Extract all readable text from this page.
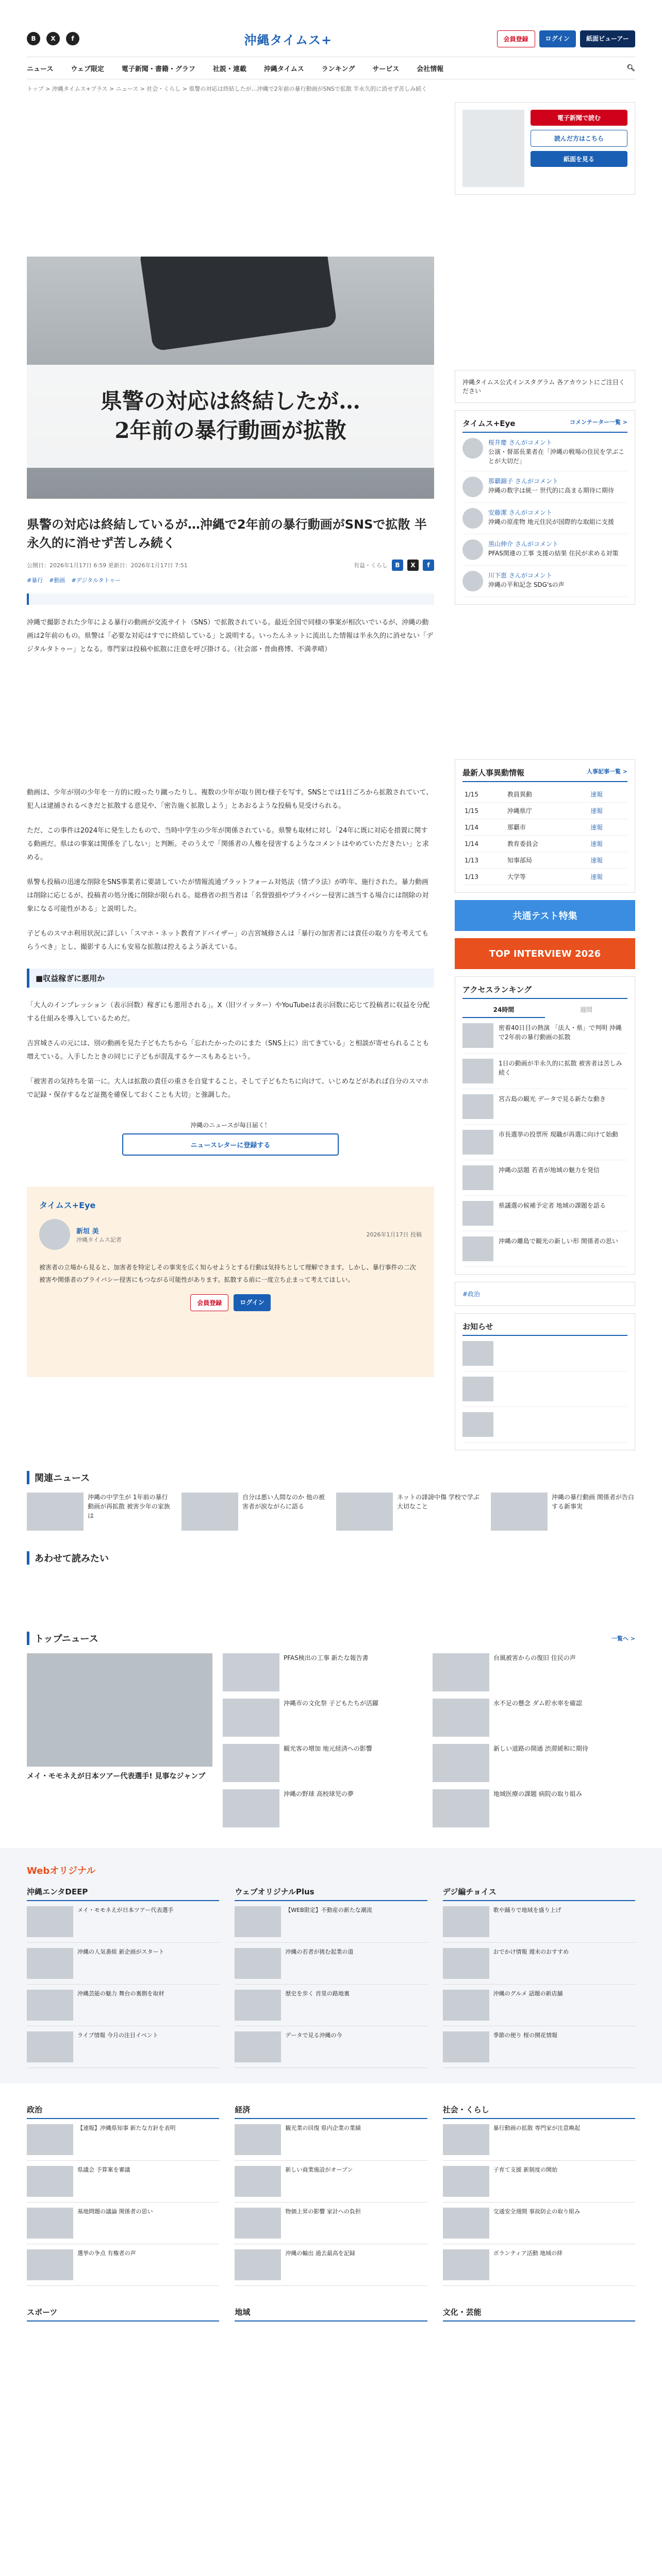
B	X	f	沖縄タイムス+	会員登録	ログイン	紙面ビューアー
ニュース	ウェブ限定	電子新聞・書籍・グラフ	社説・連載	沖縄タイムス	ランキング	サービス	会社情報	🔍︎
トップ > 沖縄タイムス+プラス > ニュース > 社会・くらし > 県警の対応は終結したが…沖縄で2年前の暴行動画がSNSで拡散 半永久的に消せず苦しみ続く
県警の対応は終結したが…
2年前の暴行動画が拡散
県警の対応は終結しているが…沖縄で2年前の暴行動画がSNSで拡散 半永久的に消せず苦しみ続く
公開日：2026年1月17日 6:59 更新日：2026年1月17日 7:51	有益・くらし	B	X	f
#暴行 #動画 #デジタルタトゥー

沖縄で撮影された少年による暴行の動画が交流サイト（SNS）で拡散されている。最近全国で同様の事案が相次いでいるが、沖縄の動画は2年前のもの。県警は「必要な対応はすでに終結している」と説明する。いったんネットに流出した情報は半永久的に消せない「デジタルタトゥー」となる。専門家は投稿や拡散に注意を呼び掛ける。（社会部・普曲務博、不満孝晴）

動画は、少年が別の少年を一方的に殴ったり蹴ったりし、複数の少年が取り囲む様子を写す。SNSとでは1日ごろから拡散されていて、犯人は逮捕されるべきだと拡散する意見や、「密告施く拡散しよう」とあおるような投稿も見受けられる。

ただ、この事件は2024年に発生したもので、当時中学生の少年が関係されている。県警も取材に対し「24年に既に対応を措置に関する動画だ。県はの事案は関係を了しない」と判断。そのうえで「関係者の人権を侵害するようなコメントはやめていただきたい」と求める。

県警も投稿の迅速な削除をSNS事業者に要請していたが情報流通プラットフォーム対処法（情プラ法）が昨年、施行された。暴力動画は削除に応じるが、投稿者の処分後に削除が限られる。総務省の担当者は「名誉毀損やプライバシー侵害に該当する場合には削除の対象になる可能性がある」と説明した。

子どものスマホ利用状況に詳しい「スマホ・ネット教育アドバイザー」の吉宮城修さんは「暴行の加害者には責任の取り方を考えてもらうべき」とし、撮影する人にも安易な拡散は控えるよう訴えている。

■収益稼ぎに悪用か

「大人のインプレッション（表示回数）稼ぎにも悪用される」。X（旧ツイッター）やYouTubeは表示回数に応じて投稿者に収益を分配する仕組みを導入しているためだ。

吉宮城さんの元には、別の動画を見た子どもたちから「忘れたかったのにまた（SNS上に）出てきている」と相談が寄せられることも増えている。入手したときの同じに子どもが混乱するケースもあるという。

「被害者の気持ちを第一に。大人は拡散の責任の重さを自覚すること。そして子どもたちに向けて、いじめなどがあれば自分のスマホで記録・保存するなど証拠を確保しておくことも大切」と強調した。

沖縄のニュースが毎日届く！
ニュースレターに登録する
タイムス+Eye
新垣 美
沖縄タイムス記者
2026年1月17日 投稿

被害者の立場から見ると、加害者を特定しその事実を広く知らせようとする行動は気持ちとして理解できます。しかし、暴行事件の二次被害や関係者のプライバシー侵害にもつながる可能性があります。拡散する前に一度立ち止まって考えてほしい。

会員登録	ログイン
電子新聞で読む
読んだ方はこちら
紙面を見る
沖縄タイムス公式インスタグラム 各アカウントにご注目ください
タイムス+Eye	コメンテーター一覧 >
桜井慶 さんがコメント
公演・督部長業者在「沖縄の戦場の住民を学ぶことが大切だ」
那覇錦子 さんがコメント
沖縄の数字は統一 世代的に高まる期待に期待
安藤潔 さんがコメント
沖縄の原産物 地元住民が国際的な取組に支援
黒山伸介 さんがコメント
PFAS関連の工事 支援の結果 住民が求める対策
川下恵 さんがコメント
沖縄の平和記念 SDG'sの声
最新人事異動情報	人事記事一覧 >
1/15	教員異動	速報
1/15	沖縄県庁	速報
1/14	那覇市	速報
1/14	教育委員会	速報
1/13	知事部局	速報
1/13	大学等	速報
共通テスト特集
TOP INTERVIEW 2026
アクセスランキング
24時間	週間
密着40日目の熱演 「法人・県」で判明 沖縄で2年前の暴行動画の拡散
1日の動画が半永久的に拡散 被害者は苦しみ続く
宮古島の観光 データで見る新たな動き
市長選挙の投票所 現職が再選に向けて始動
沖縄の話題 若者が地域の魅力を発信
県議選の候補予定者 地域の課題を語る
沖縄の離島で観光の新しい形 関係者の思い
#政治
お知らせ
関連ニュース
沖縄の中学生が 1年前の暴行動画が再拡散 被害少年の家族は
自分は悪い人間なのか 他の被害者が涙ながらに語る
ネットの誹謗中傷 学校で学ぶ大切なこと
沖縄の暴行動画 関係者が告白する新事実
あわせて読みたい
トップニュース	一覧へ >
メイ・モモネえが日本ツアー代表選手! 見事なジャンプ
PFAS検出の工事 新たな報告書	台風被害からの復旧 住民の声
沖縄市の文化祭 子どもたちが活躍	水不足の懸念 ダム貯水率を確認
観光客の増加 地元経済への影響	新しい道路の開通 渋滞緩和に期待
沖縄の野球 高校球児の夢	地域医療の課題 病院の取り組み
Webオリジナル
沖縄エンタDEEP
メイ・モモネえが日本ツアー代表選手
沖縄の人気番組 新企画がスタート
沖縄芸能の魅力 舞台の裏側を取材
ライブ情報 今月の注目イベント
ウェブオリジナルPlus
【WEB限定】不動産の新たな潮流
沖縄の若者が挑む起業の道
歴史を歩く 首里の路地裏
データで見る沖縄の今
デジ編チョイス
歌や踊りで地域を盛り上げ
おでかけ情報 週末のおすすめ
沖縄のグルメ 話題の新店舗
季節の便り 桜の開花情報
政治
【速報】沖縄県知事 新たな方針を表明
県議会 予算案を審議
基地問題の議論 関係者の思い
選挙の争点 有権者の声
経済
観光業の回復 県内企業の業績
新しい商業施設がオープン
物価上昇の影響 家計への負担
沖縄の輸出 過去最高を記録
社会・くらし
暴行動画の拡散 専門家が注意喚起
子育て支援 新制度の開始
交通安全週間 事故防止の取り組み
ボランティア活動 地域の絆
スポーツ	地域	文化・芸能
